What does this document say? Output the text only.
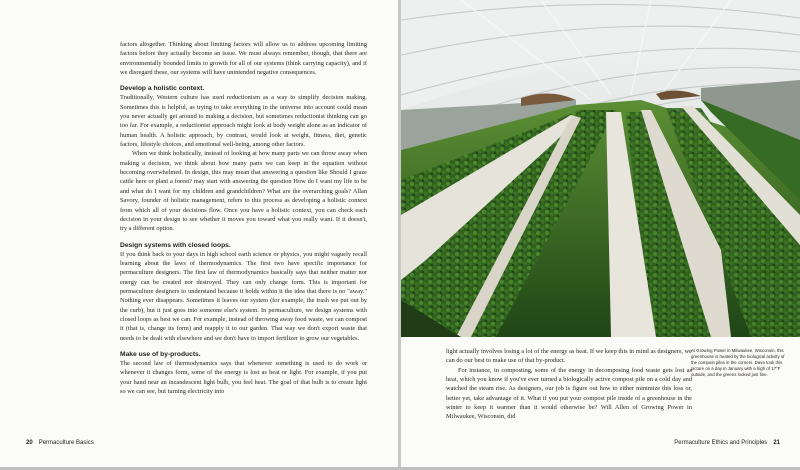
factors altogether. Thinking about limiting factors will allow us to address upcoming limiting factors before they actually become an issue. We must always remember, though, that there are environmentally bounded limits to growth for all of our systems (think carrying capacity), and if we disregard these, our systems will have unintended negative consequences.

Develop a holistic context.

Traditionally, Western culture has used reductionism as a way to simplify decision making. Sometimes this is helpful, as trying to take everything in the universe into account could mean you never actually get around to making a decision, but sometimes reductionist thinking can go too far. For example, a reductionist approach might look at body weight alone as an indicator of human health. A holistic approach, by contrast, would look at weight, fitness, diet, genetic factors, lifestyle choices, and emotional well-being, among other factors.

When we think holistically, instead of looking at how many parts we can throw away when making a decision, we think about how many parts we can keep in the equation without becoming overwhelmed. In design, this may mean that answering a question like Should I graze cattle here or plant a forest? may start with answering the question How do I want my life to be and what do I want for my children and grandchildren? What are the overarching goals? Allan Savory, founder of holistic management, refers to this process as developing a holistic context from which all of your decisions flow. Once you have a holistic context, you can check each decision in your design to see whether it moves you toward what you really want. If it doesn't, try a different option.

Design systems with closed loops.

If you think back to your days in high school earth science or physics, you might vaguely recall learning about the laws of thermodynamics. The first two have specific importance for permaculture designers. The first law of thermodynamics basically says that neither matter nor energy can be created nor destroyed. They can only change form. This is important for permaculture designers to understand because it holds within it the idea that there is no "away." Nothing ever disappears. Sometimes it leaves our system (for example, the trash we put out by the curb), but it just goes into someone else's system. In permaculture, we design systems with closed loops as best we can. For example, instead of throwing away food waste, we can compost it (that is, change its form) and reapply it to our garden. That way we don't export waste that needs to be dealt with elsewhere and we don't have to import fertilizer to grow our vegetables.

Make use of by-products.

The second law of thermodynamics says that whenever something is used to do work or whenever it changes form, some of the energy is lost as heat or light. For example, if you put your hand near an incandescent light bulb, you feel heat. The goal of that bulb is to create light so we can see, but turning electricity into

20 Permaculture Basics

light actually involves losing a lot of the energy as heat. If we keep this in mind as designers, we can do our best to make use of that by-product.

For instance, in composting, some of the energy in decomposing food waste gets lost as heat, which you know if you've ever turned a biologically active compost pile on a cold day and watched the steam rise. As designers, our job is figure out how to either minimize this loss or, better yet, take advantage of it. What if you put your compost pile inside of a greenhouse in the winter to keep it warmer than it would otherwise be? Will Allen of Growing Power in Milwaukee, Wisconsin, did

At Growing Power in Milwaukee, Wisconsin, this greenhouse is heated by the biological activity of the compost piles in the corners. Dave took this picture on a day in January with a high of 17°F outside, and the greens looked just fine.

Permaculture Ethics and Principles 21
